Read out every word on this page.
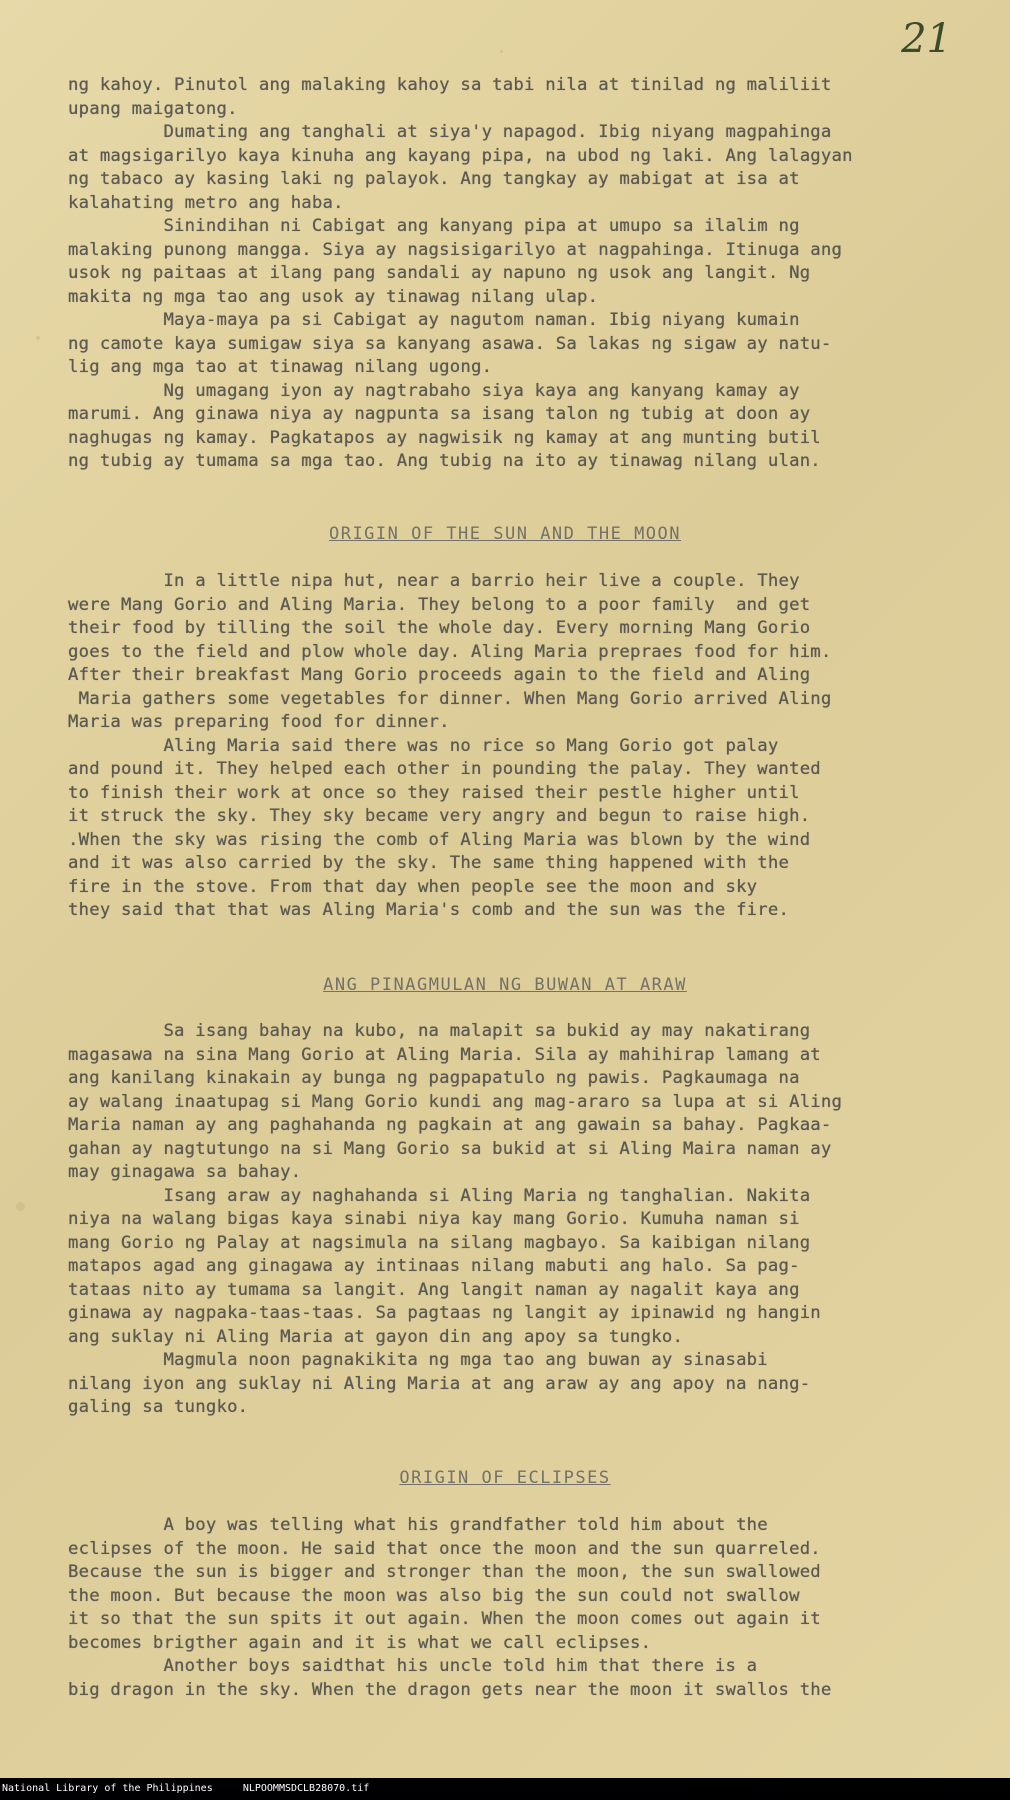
21
ng kahoy. Pinutol ang malaking kahoy sa tabi nila at tinilad ng maliliit
upang maigatong.
Dumating ang tanghali at siya'y napagod. Ibig niyang magpahinga
at magsigarilyo kaya kinuha ang kayang pipa, na ubod ng laki. Ang lalagyan
ng tabaco ay kasing laki ng palayok. Ang tangkay ay mabigat at isa at
kalahating metro ang haba.
Sinindihan ni Cabigat ang kanyang pipa at umupo sa ilalim ng
malaking punong mangga. Siya ay nagsisigarilyo at nagpahinga. Itinuga ang
usok ng paitaas at ilang pang sandali ay napuno ng usok ang langit. Ng
makita ng mga tao ang usok ay tinawag nilang ulap.
Maya-maya pa si Cabigat ay nagutom naman. Ibig niyang kumain
ng camote kaya sumigaw siya sa kanyang asawa. Sa lakas ng sigaw ay natu-
lig ang mga tao at tinawag nilang ugong.
Ng umagang iyon ay nagtrabaho siya kaya ang kanyang kamay ay
marumi. Ang ginawa niya ay nagpunta sa isang talon ng tubig at doon ay
naghugas ng kamay. Pagkatapos ay nagwisik ng kamay at ang munting butil
ng tubig ay tumama sa mga tao. Ang tubig na ito ay tinawag nilang ulan.
ORIGIN OF THE SUN AND THE MOON
In a little nipa hut, near a barrio heir live a couple. They
were Mang Gorio and Aling Maria. They belong to a poor family  and get
their food by tilling the soil the whole day. Every morning Mang Gorio
goes to the field and plow whole day. Aling Maria prepraes food for him.
After their breakfast Mang Gorio proceeds again to the field and Aling
Maria gathers some vegetables for dinner. When Mang Gorio arrived Aling
Maria was preparing food for dinner.
Aling Maria said there was no rice so Mang Gorio got palay
and pound it. They helped each other in pounding the palay. They wanted
to finish their work at once so they raised their pestle higher until
it struck the sky. They sky became very angry and begun to raise high.
.When the sky was rising the comb of Aling Maria was blown by the wind
and it was also carried by the sky. The same thing happened with the
fire in the stove. From that day when people see the moon and sky
they said that that was Aling Maria's comb and the sun was the fire.
ANG PINAGMULAN NG BUWAN AT ARAW
Sa isang bahay na kubo, na malapit sa bukid ay may nakatirang
magasawa na sina Mang Gorio at Aling Maria. Sila ay mahihirap lamang at
ang kanilang kinakain ay bunga ng pagpapatulo ng pawis. Pagkaumaga na
ay walang inaatupag si Mang Gorio kundi ang mag-araro sa lupa at si Aling
Maria naman ay ang paghahanda ng pagkain at ang gawain sa bahay. Pagkaa-
gahan ay nagtutungo na si Mang Gorio sa bukid at si Aling Maira naman ay
may ginagawa sa bahay.
Isang araw ay naghahanda si Aling Maria ng tanghalian. Nakita
niya na walang bigas kaya sinabi niya kay mang Gorio. Kumuha naman si
mang Gorio ng Palay at nagsimula na silang magbayo. Sa kaibigan nilang
matapos agad ang ginagawa ay intinaas nilang mabuti ang halo. Sa pag-
tataas nito ay tumama sa langit. Ang langit naman ay nagalit kaya ang
ginawa ay nagpaka-taas-taas. Sa pagtaas ng langit ay ipinawid ng hangin
ang suklay ni Aling Maria at gayon din ang apoy sa tungko.
Magmula noon pagnakikita ng mga tao ang buwan ay sinasabi
nilang iyon ang suklay ni Aling Maria at ang araw ay ang apoy na nang-
galing sa tungko.
ORIGIN OF ECLIPSES
A boy was telling what his grandfather told him about the
eclipses of the moon. He said that once the moon and the sun quarreled.
Because the sun is bigger and stronger than the moon, the sun swallowed
the moon. But because the moon was also big the sun could not swallow
it so that the sun spits it out again. When the moon comes out again it
becomes brigther again and it is what we call eclipses.
Another boys saidthat his uncle told him that there is a
big dragon in the sky. When the dragon gets near the moon it swallos the
National Library of the Philippines     NLPOOMMSDCLB28070.tif
